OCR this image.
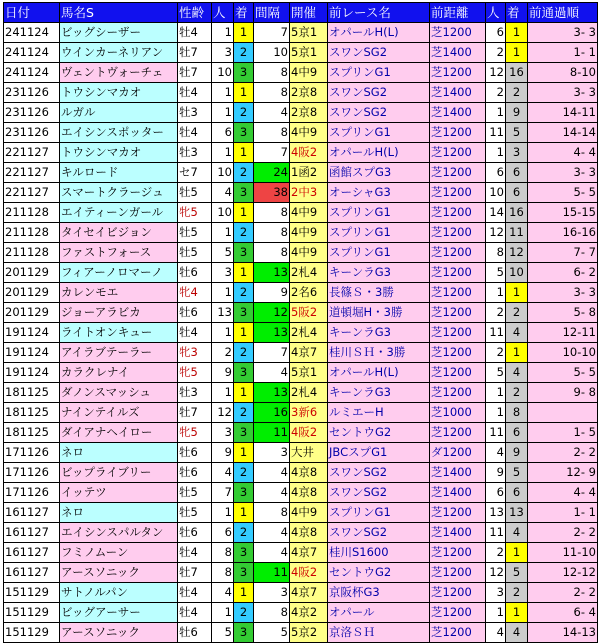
日付	馬名S	性齢	人	着	間隔	開催	前レース名	前距離	人	着	前通過順
241124	ビッグシーザー	牡4	1	1	7	5京1	オパールH(L)	芝1200	6	1	3- 3
241124	ウインカーネリアン	牡7	3	2	10	5京1	スワンSG2	芝1400	2	1	1- 1
241124	ヴェントヴォーチェ	牡7	10	3	8	4中9	スプリンG1	芝1200	12	16	8-10
231126	トウシンマカオ	牡4	1	1	8	2京8	スワンSG2	芝1400	2	2	3- 3
231126	ルガル	牡3	1	2	4	2京8	スワンSG2	芝1400	1	9	14-11
231126	エイシンスポッター	牡4	6	3	8	4中9	スプリンG1	芝1200	11	5	14-14
221127	トウシンマカオ	牡3	1	1	7	4阪2	オパールH(L)	芝1200	1	3	4- 4
221127	キルロード	セ7	10	2	24	1函2	函館スプG3	芝1200	6	6	3- 3
221127	スマートクラージュ	牡5	4	3	38	2中3	オーシャG3	芝1200	10	6	5- 5
211128	エイティーンガール	牝5	10	1	8	4中9	スプリンG1	芝1200	14	16	15-15
211128	タイセイビジョン	牡5	1	2	8	4中9	スプリンG1	芝1200	12	11	16-16
211128	ファストフォース	牡5	5	3	8	4中9	スプリンG1	芝1200	8	12	7- 7
201129	フィアーノロマーノ	牡6	3	1	13	2札4	キーンラG3	芝1200	5	10	6- 2
201129	カレンモエ	牝4	1	2	9	2名6	長篠Ｓ・3勝	芝1200	1	1	3- 3
201129	ジョーアラビカ	牡6	13	3	12	5阪2	道頓堀H・3勝	芝1200	2	2	5- 8
191124	ライトオンキュー	牡4	1	1	13	2札4	キーンラG3	芝1200	11	4	12-11
191124	アイラブテーラー	牝3	2	2	7	4京7	桂川ＳＨ・3勝	芝1200	2	1	10-10
191124	カラクレナイ	牝5	9	3	4	5京1	オパールH(L)	芝1200	5	4	5- 5
181125	ダノンスマッシュ	牡3	1	1	13	2札4	キーンラG3	芝1200	1	2	9- 8
181125	ナインテイルズ	牡7	12	2	16	3新6	ルミエーH	芝1000	1	8	
181125	ダイアナヘイロー	牝5	3	3	11	4阪2	セントウG2	芝1200	11	6	1- 5
171126	ネロ	牡6	9	1	3	大井	JBCスプG1	ダ1200	4	9	2- 2
171126	ビップライブリー	牡6	4	2	4	4京8	スワンSG2	芝1400	9	5	12- 9
171126	イッテツ	牡5	7	3	4	4京8	スワンSG2	芝1400	6	6	4- 4
161127	ネロ	牡5	1	1	8	4中9	スプリンG1	芝1200	13	13	1- 1
161127	エイシンスパルタン	牡6	6	2	4	4京8	スワンSG2	芝1400	11	4	2- 2
161127	フミノムーン	牡4	8	3	4	4京7	桂川S1600	芝1200	2	1	11-10
161127	アースソニック	牡7	8	3	11	4阪2	セントウG2	芝1200	12	5	12-12
151129	サトノルパン	牡4	4	1	3	4京7	京阪杯G3	芝1200	3	2	2- 2
151129	ビッグアーサー	牡4	1	2	8	4京2	オパール	芝1200	1	1	6- 4
151129	アースソニック	牡6	5	3	5	5京2	京洛ＳＨ	芝1200	4	4	14-13
